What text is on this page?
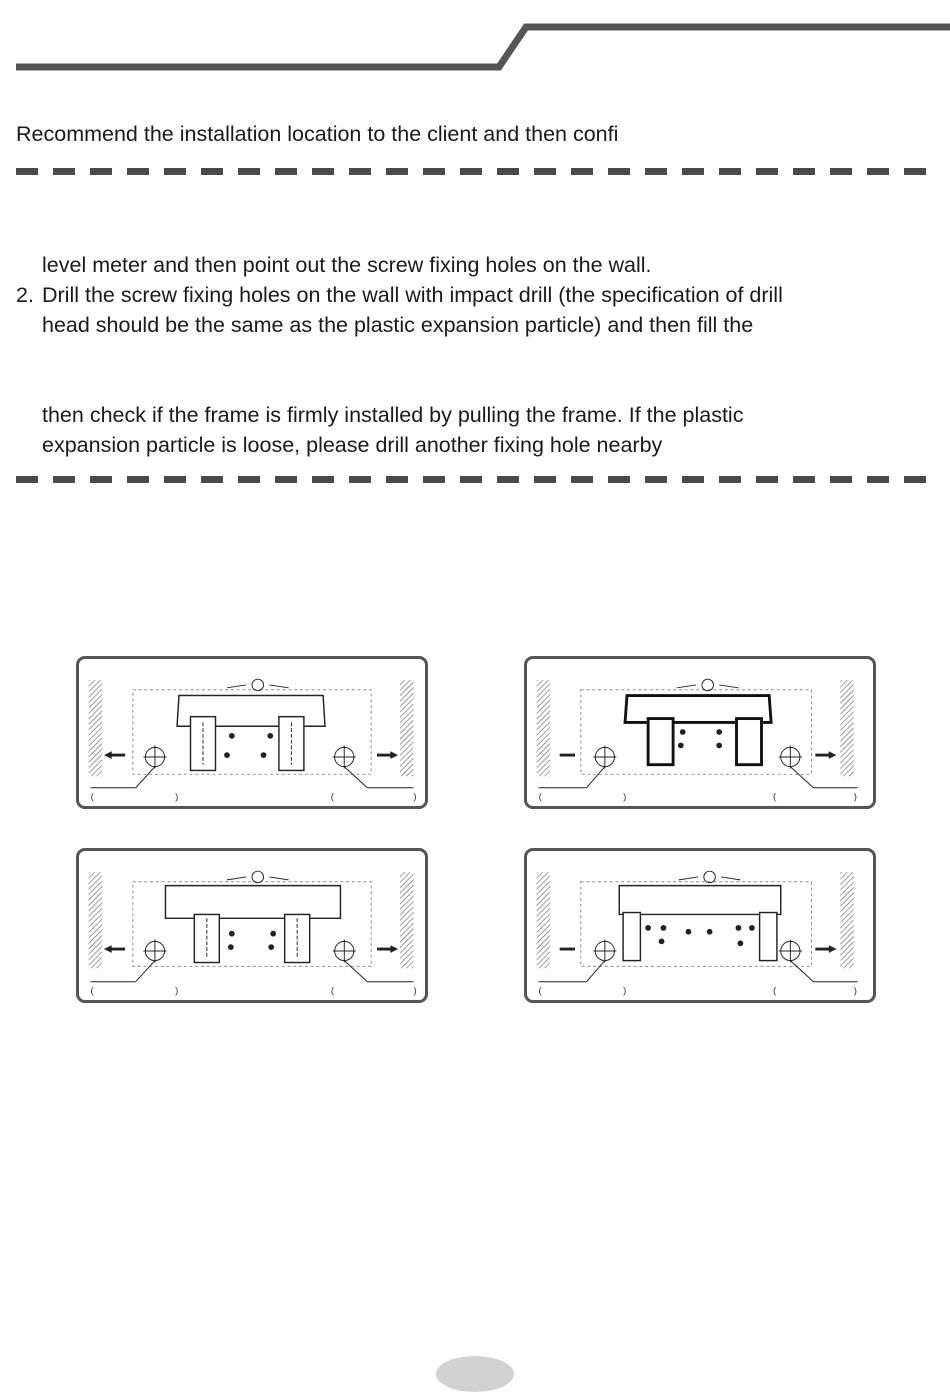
Recommend the installation location to the client and then confi
level meter and then point out the screw fixing holes on the wall.
2. Drill the screw fixing holes on the wall with impact drill (the specification of drill
head should be the same as the plastic expansion particle) and then fill the
then check if the frame is firmly installed by pulling the frame. If the plastic
expansion particle is loose, please drill another fixing hole nearby
(	)	(	)	(	)	(	)
(	)	(	)	(	)	(	)
